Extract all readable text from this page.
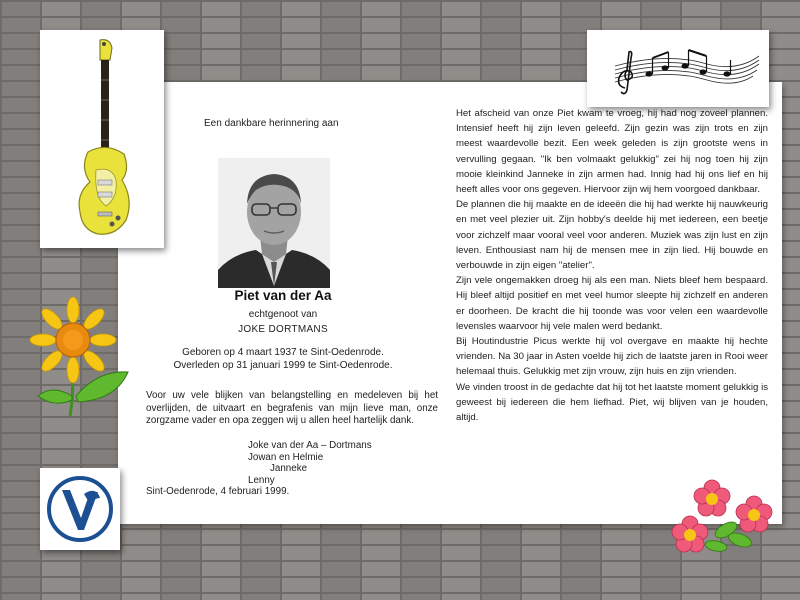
Een dankbare herinnering aan
Piet van der Aa
echtgenoot van
JOKE DORTMANS
Geboren op 4 maart 1937 te Sint-Oedenrode.
Overleden op 31 januari 1999 te Sint-Oedenrode.
Voor uw vele blijken van belangstelling en medeleven bij het overlijden, de uitvaart en begrafenis van mijn lieve man, onze zorgzame vader en opa zeggen wij u allen heel hartelijk dank.
Joke van der Aa – Dortmans
Jowan en Helmie
Janneke
Lenny
Sint-Oedenrode, 4 februari 1999.

Het afscheid van onze Piet kwam te vroeg, hij had nog zoveel plannen. Intensief heeft hij zijn leven geleefd. Zijn gezin was zijn trots en zijn meest waardevolle bezit. Een week geleden is zijn grootste wens in vervulling gegaan. "Ik ben volmaakt gelukkig" zei hij nog toen hij zijn mooie kleinkind Janneke in zijn armen had. Innig had hij ons lief en hij heeft alles voor ons gegeven. Hiervoor zijn wij hem voorgoed dankbaar.

De plannen die hij maakte en de ideeën die hij had werkte hij nauwkeurig en met veel plezier uit. Zijn hobby's deelde hij met iedereen, een beetje voor zichzelf maar vooral veel voor anderen. Muziek was zijn lust en zijn leven. Enthousiast nam hij de mensen mee in zijn lied. Hij bouwde en verbouwde in zijn eigen "atelier".

Zijn vele ongemakken droeg hij als een man. Niets bleef hem bespaard. Hij bleef altijd positief en met veel humor sleepte hij zichzelf en anderen er doorheen. De kracht die hij toonde was voor velen een waardevolle levensles waarvoor hij vele malen werd bedankt.

Bij Houtindustrie Picus werkte hij vol overgave en maakte hij hechte vrienden. Na 30 jaar in Asten voelde hij zich de laatste jaren in Rooi weer helemaal thuis. Gelukkig met zijn vrouw, zijn huis en zijn vrienden.

We vinden troost in de gedachte dat hij tot het laatste moment gelukkig is geweest bij iedereen die hem liefhad. Piet, wij blijven van je houden, altijd.
